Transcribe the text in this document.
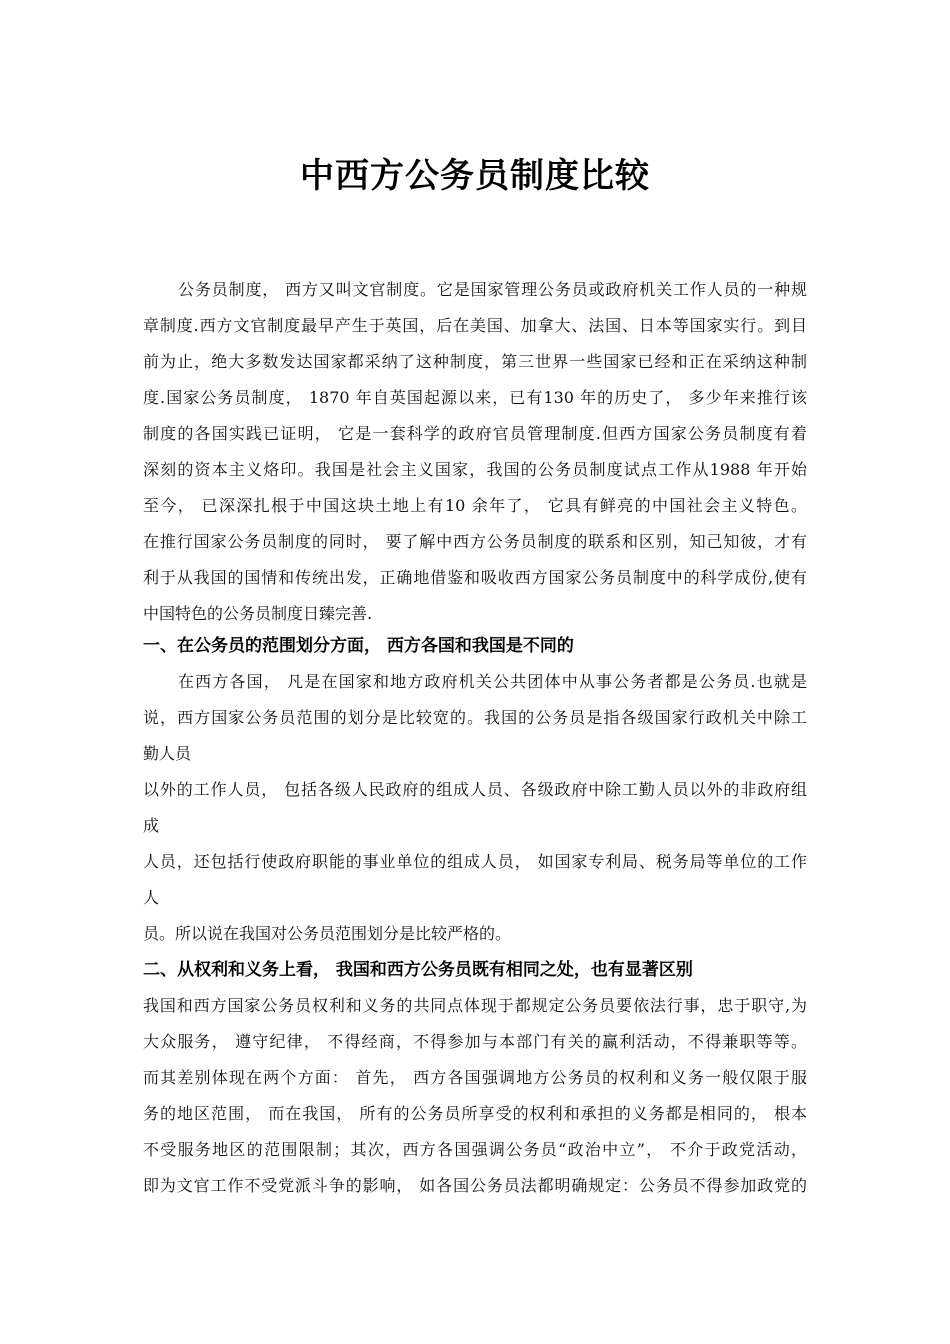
中西方公务员制度比较
公务员制度， 西方又叫文官制度。它是国家管理公务员或政府机关工作人员的一种规
章制度.西方文官制度最早产生于英国，后在美国、加拿大、法国、日本等国家实行。到目
前为止，绝大多数发达国家都采纳了这种制度，第三世界一些国家已经和正在采纳这种制
度.国家公务员制度， 1870 年自英国起源以来，已有130 年的历史了， 多少年来推行该
制度的各国实践已证明， 它是一套科学的政府官员管理制度.但西方国家公务员制度有着
深刻的资本主义烙印。我国是社会主义国家，我国的公务员制度试点工作从1988 年开始
至今， 已深深扎根于中国这块土地上有10 余年了， 它具有鲜亮的中国社会主义特色。
在推行国家公务员制度的同时， 要了解中西方公务员制度的联系和区别，知己知彼，才有
利于从我国的国情和传统出发，正确地借鉴和吸收西方国家公务员制度中的科学成份,使有
中国特色的公务员制度日臻完善.
一、在公务员的范围划分方面， 西方各国和我国是不同的
在西方各国， 凡是在国家和地方政府机关公共团体中从事公务者都是公务员.也就是
说，西方国家公务员范围的划分是比较宽的。我国的公务员是指各级国家行政机关中除工
勤人员
以外的工作人员， 包括各级人民政府的组成人员、各级政府中除工勤人员以外的非政府组
成
人员，还包括行使政府职能的事业单位的组成人员， 如国家专利局、税务局等单位的工作
人
员。所以说在我国对公务员范围划分是比较严格的。
二、从权利和义务上看， 我国和西方公务员既有相同之处，也有显著区别
我国和西方国家公务员权利和义务的共同点体现于都规定公务员要依法行事，忠于职守,为
大众服务， 遵守纪律， 不得经商，不得参加与本部门有关的赢利活动，不得兼职等等。
而其差别体现在两个方面： 首先， 西方各国强调地方公务员的权利和义务一般仅限于服
务的地区范围， 而在我国， 所有的公务员所享受的权利和承担的义务都是相同的， 根本
不受服务地区的范围限制；其次，西方各国强调公务员“政治中立”， 不介于政党活动，
即为文官工作不受党派斗争的影响， 如各国公务员法都明确规定：公务员不得参加政党的
